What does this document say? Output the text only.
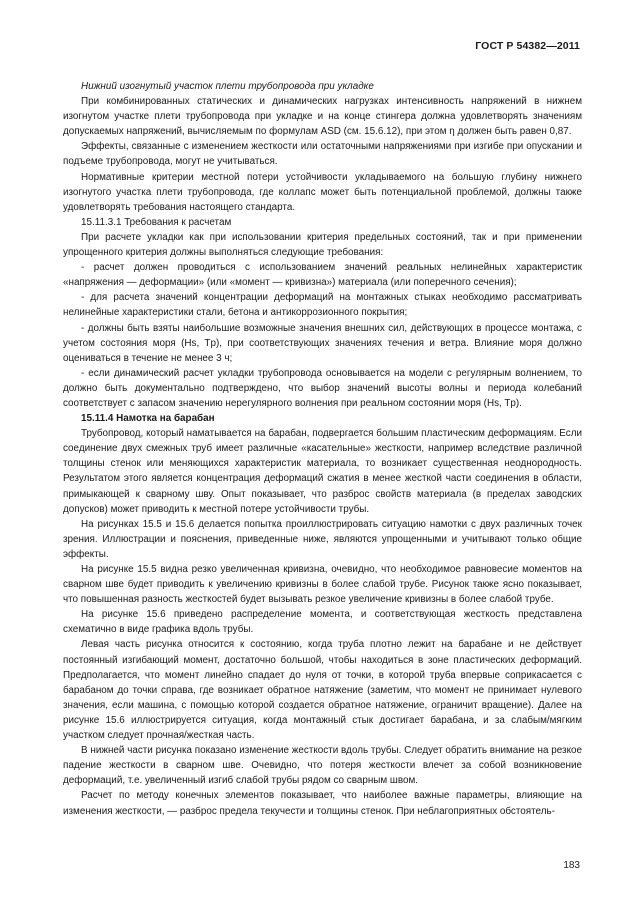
ГОСТ Р 54382—2011

Нижний изогнутый участок плети трубопровода при укладке

При комбинированных статических и динамических нагрузках интенсивность напряжений в нижнем изогнутом участке плети трубопровода при укладке и на конце стингера должна удовлетворять значениям допускаемых напряжений, вычисляемым по формулам ASD (см. 15.6.12), при этом η должен быть равен 0,87.

Эффекты, связанные с изменением жесткости или остаточными напряжениями при изгибе при опускании и подъеме трубопровода, могут не учитываться.

Нормативные критерии местной потери устойчивости укладываемого на большую глубину нижнего изогнутого участка плети трубопровода, где коллапс может быть потенциальной проблемой, должны также удовлетворять требования настоящего стандарта.

15.11.3.1 Требования к расчетам

При расчете укладки как при использовании критерия предельных состояний, так и при применении упрощенного критерия должны выполняться следующие требования:

- расчет должен проводиться с использованием значений реальных нелинейных характеристик «напряжения — деформации» (или «момент — кривизна») материала (или поперечного сечения);

- для расчета значений концентрации деформаций на монтажных стыках необходимо рассматривать нелинейные характеристики стали, бетона и антикоррозионного покрытия;

- должны быть взяты наибольшие возможные значения внешних сил, действующих в процессе монтажа, с учетом состояния моря (Hs, Tp), при соответствующих значениях течения и ветра. Влияние моря должно оцениваться в течение не менее 3 ч;

- если динамический расчет укладки трубопровода основывается на модели с регулярным волнением, то должно быть документально подтверждено, что выбор значений высоты волны и периода колебаний соответствует с запасом значению нерегулярного волнения при реальном состоянии моря (Hs, Tp).

15.11.4 Намотка на барабан

Трубопровод, который наматывается на барабан, подвергается большим пластическим деформациям. Если соединение двух смежных труб имеет различные «касательные» жесткости, например вследствие различной толщины стенок или меняющихся характеристик материала, то возникает существенная неоднородность. Результатом этого является концентрация деформаций сжатия в менее жесткой части соединения в области, примыкающей к сварному шву. Опыт показывает, что разброс свойств материала (в пределах заводских допусков) может приводить к местной потере устойчивости трубы.

На рисунках 15.5 и 15.6 делается попытка проиллюстрировать ситуацию намотки с двух различных точек зрения. Иллюстрации и пояснения, приведенные ниже, являются упрощенными и учитывают только общие эффекты.

На рисунке 15.5 видна резко увеличенная кривизна, очевидно, что необходимое равновесие моментов на сварном шве будет приводить к увеличению кривизны в более слабой трубе. Рисунок также ясно показывает, что повышенная разность жесткостей будет вызывать резкое увеличение кривизны в более слабой трубе.

На рисунке 15.6 приведено распределение момента, и соответствующая жесткость представлена схематично в виде графика вдоль трубы.

Левая часть рисунка относится к состоянию, когда труба плотно лежит на барабане и не действует постоянный изгибающий момент, достаточно большой, чтобы находиться в зоне пластических деформаций. Предполагается, что момент линейно спадает до нуля от точки, в которой труба впервые соприкасается с барабаном до точки справа, где возникает обратное натяжение (заметим, что момент не принимает нулевого значения, если машина, с помощью которой создается обратное натяжение, ограничит вращение). Далее на рисунке 15.6 иллюстрируется ситуация, когда монтажный стык достигает барабана, и за слабым/мягким участком следует прочная/жесткая часть.

В нижней части рисунка показано изменение жесткости вдоль трубы. Следует обратить внимание на резкое падение жесткости в сварном шве. Очевидно, что потеря жесткости влечет за собой возникновение деформаций, т.е. увеличенный изгиб слабой трубы рядом со сварным швом.

Расчет по методу конечных элементов показывает, что наиболее важные параметры, влияющие на изменения жесткости, — разброс предела текучести и толщины стенок. При неблагоприятных обстоятель-

183
